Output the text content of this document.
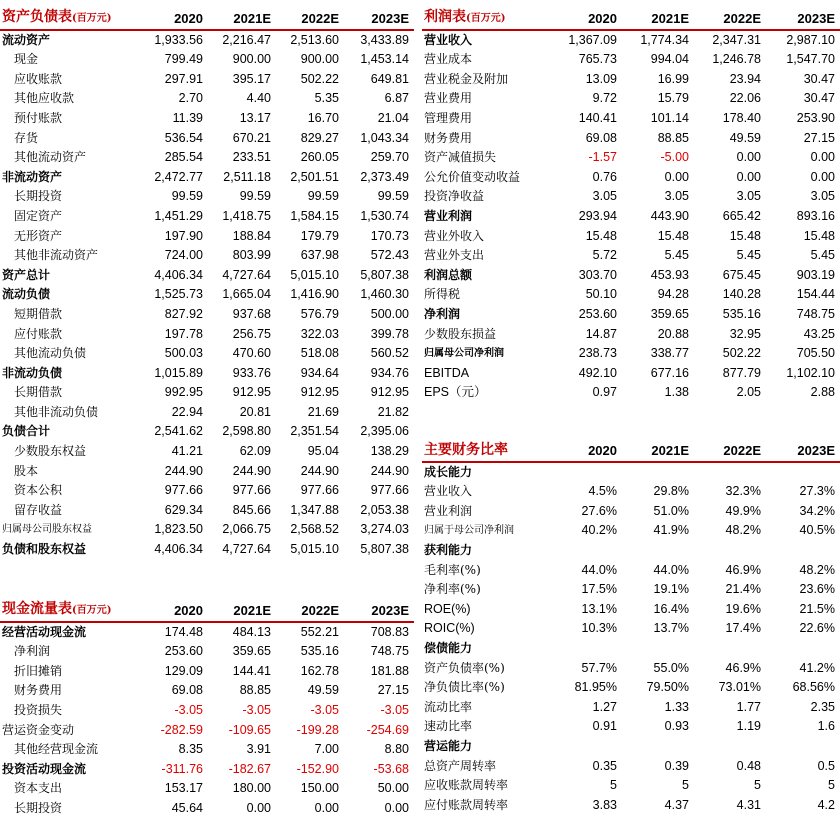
资产负债表(百万元)	2020	2021E	2022E	2023E
流动资产	1,933.56	2,216.47	2,513.60	3,433.89
现金	799.49	900.00	900.00	1,453.14
应收账款	297.91	395.17	502.22	649.81
其他应收款	2.70	4.40	5.35	6.87
预付账款	11.39	13.17	16.70	21.04
存货	536.54	670.21	829.27	1,043.34
其他流动资产	285.54	233.51	260.05	259.70
非流动资产	2,472.77	2,511.18	2,501.51	2,373.49
长期投资	99.59	99.59	99.59	99.59
固定资产	1,451.29	1,418.75	1,584.15	1,530.74
无形资产	197.90	188.84	179.79	170.73
其他非流动资产	724.00	803.99	637.98	572.43
资产总计	4,406.34	4,727.64	5,015.10	5,807.38
流动负债	1,525.73	1,665.04	1,416.90	1,460.30
短期借款	827.92	937.68	576.79	500.00
应付账款	197.78	256.75	322.03	399.78
其他流动负债	500.03	470.60	518.08	560.52
非流动负债	1,015.89	933.76	934.64	934.76
长期借款	992.95	912.95	912.95	912.95
其他非流动负债	22.94	20.81	21.69	21.82
负债合计	2,541.62	2,598.80	2,351.54	2,395.06
少数股东权益	41.21	62.09	95.04	138.29
股本	244.90	244.90	244.90	244.90
资本公积	977.66	977.66	977.66	977.66
留存收益	629.34	845.66	1,347.88	2,053.38
归属母公司股东权益	1,823.50	2,066.75	2,568.52	3,274.03
负债和股东权益	4,406.34	4,727.64	5,015.10	5,807.38
现金流量表(百万元)	2020	2021E	2022E	2023E
经营活动现金流	174.48	484.13	552.21	708.83
净利润	253.60	359.65	535.16	748.75
折旧摊销	129.09	144.41	162.78	181.88
财务费用	69.08	88.85	49.59	27.15
投资损失	-3.05	-3.05	-3.05	-3.05
营运资金变动	-282.59	-109.65	-199.28	-254.69
其他经营现金流	8.35	3.91	7.00	8.80
投资活动现金流	-311.76	-182.67	-152.90	-53.68
资本支出	153.17	180.00	150.00	50.00
长期投资	45.64	0.00	0.00	0.00
利润表(百万元)	2020	2021E	2022E	2023E
营业收入	1,367.09	1,774.34	2,347.31	2,987.10
营业成本	765.73	994.04	1,246.78	1,547.70
营业税金及附加	13.09	16.99	23.94	30.47
营业费用	9.72	15.79	22.06	30.47
管理费用	140.41	101.14	178.40	253.90
财务费用	69.08	88.85	49.59	27.15
资产减值损失	-1.57	-5.00	0.00	0.00
公允价值变动收益	0.76	0.00	0.00	0.00
投资净收益	3.05	3.05	3.05	3.05
营业利润	293.94	443.90	665.42	893.16
营业外收入	15.48	15.48	15.48	15.48
营业外支出	5.72	5.45	5.45	5.45
利润总额	303.70	453.93	675.45	903.19
所得税	50.10	94.28	140.28	154.44
净利润	253.60	359.65	535.16	748.75
少数股东损益	14.87	20.88	32.95	43.25
归属母公司净利润	238.73	338.77	502.22	705.50
EBITDA	492.10	677.16	877.79	1,102.10
EPS（元）	0.97	1.38	2.05	2.88
主要财务比率	2020	2021E	2022E	2023E
成长能力				
营业收入	4.5%	29.8%	32.3%	27.3%
营业利润	27.6%	51.0%	49.9%	34.2%
归属于母公司净利润	40.2%	41.9%	48.2%	40.5%
获利能力				
毛利率(%)	44.0%	44.0%	46.9%	48.2%
净利率(%)	17.5%	19.1%	21.4%	23.6%
ROE(%)	13.1%	16.4%	19.6%	21.5%
ROIC(%)	10.3%	13.7%	17.4%	22.6%
偿债能力				
资产负债率(%)	57.7%	55.0%	46.9%	41.2%
净负债比率(%)	81.95%	79.50%	73.01%	68.56%
流动比率	1.27	1.33	1.77	2.35
速动比率	0.91	0.93	1.19	1.6
营运能力				
总资产周转率	0.35	0.39	0.48	0.5
应收账款周转率	5	5	5	5
应付账款周转率	3.83	4.37	4.31	4.2
